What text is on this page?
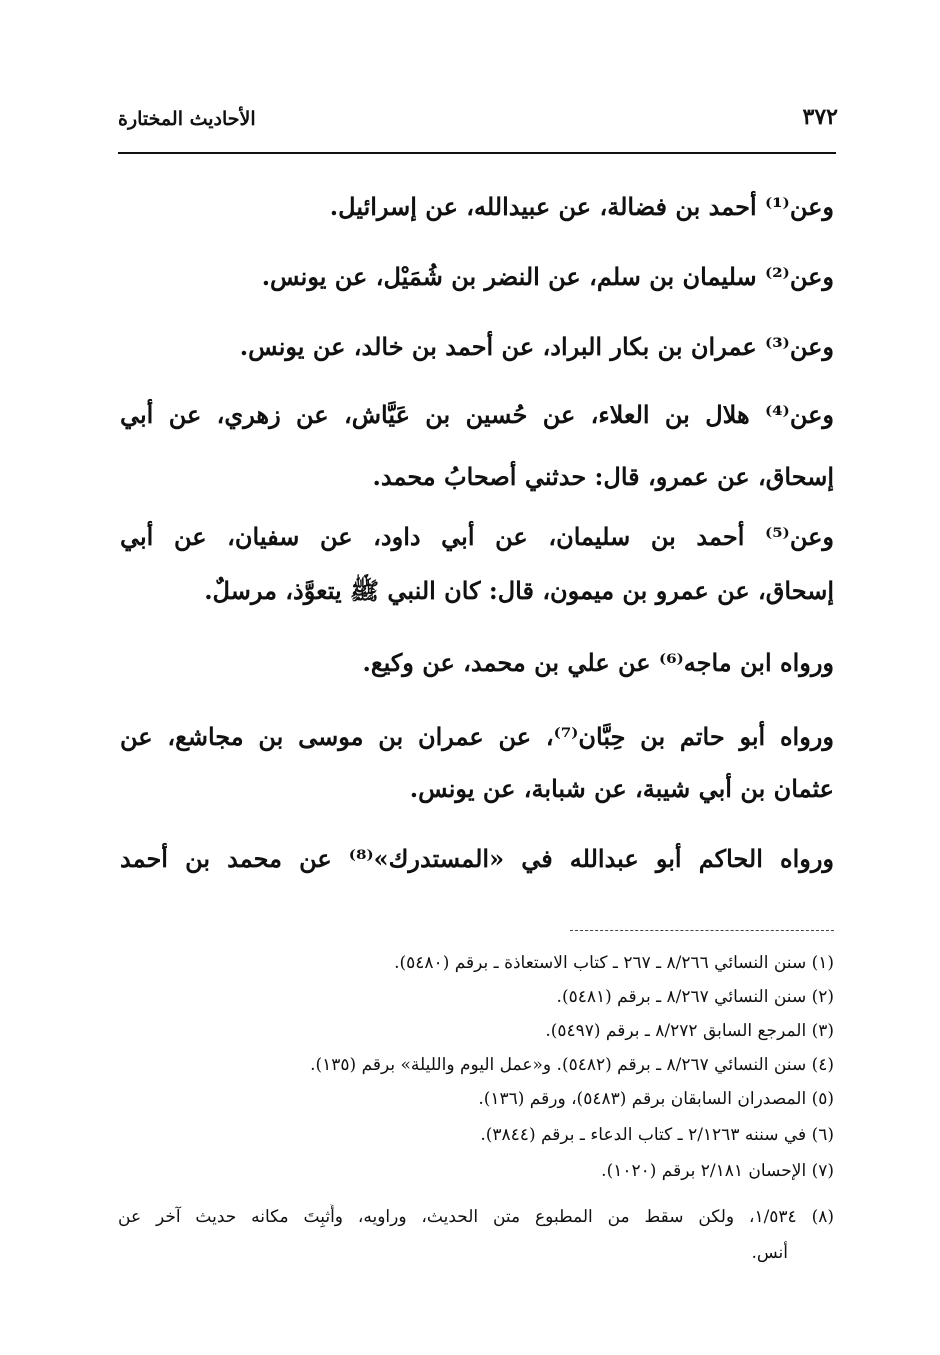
٣٧٢
الأحاديث المختارة
وعن⁽¹⁾ أحمد بن فضالة، عن عبيدالله، عن إسرائيل.
وعن⁽²⁾ سليمان بن سلم، عن النضر بن شُمَيْل، عن يونس.
وعن⁽³⁾ عمران بن بكار البراد، عن أحمد بن خالد، عن يونس.
وعن⁽⁴⁾ هلال بن العلاء، عن حُسين بن عَيَّاش، عن زهري، عن أبي
إسحاق، عن عمرو، قال: حدثني أصحابُ محمد.
وعن⁽⁵⁾ أحمد بن سليمان، عن أبي داود، عن سفيان، عن أبي
إسحاق، عن عمرو بن ميمون، قال: كان النبي ﷺ يتعوَّذ، مرسلٌ.
ورواه ابن ماجه⁽⁶⁾ عن علي بن محمد، عن وكيع.
ورواه أبو حاتم بن حِبَّان⁽⁷⁾، عن عمران بن موسى بن مجاشع، عن
عثمان بن أبي شيبة، عن شبابة، عن يونس.
ورواه الحاكم أبو عبدالله في «المستدرك»⁽⁸⁾ عن محمد بن أحمد
(١) سنن النسائي ٨/٢٦٦ ـ ٢٦٧ ـ كتاب الاستعاذة ـ برقم (٥٤٨٠).
(٢) سنن النسائي ٨/٢٦٧ ـ برقم (٥٤٨١).
(٣) المرجع السابق ٨/٢٧٢ ـ برقم (٥٤٩٧).
(٤) سنن النسائي ٨/٢٦٧ ـ برقم (٥٤٨٢). و«عمل اليوم والليلة» برقم (١٣٥).
(٥) المصدران السابقان برقم (٥٤٨٣)، ورقم (١٣٦).
(٦) في سننه ٢/١٢٦٣ ـ كتاب الدعاء ـ برقم (٣٨٤٤).
(٧) الإحسان ٢/١٨١ برقم (١٠٢٠).
(٨) ١/٥٣٤، ولكن سقط من المطبوع متن الحديث، وراويه، وأُثبِتَ مكانه حديث آخر عن
أنس.
